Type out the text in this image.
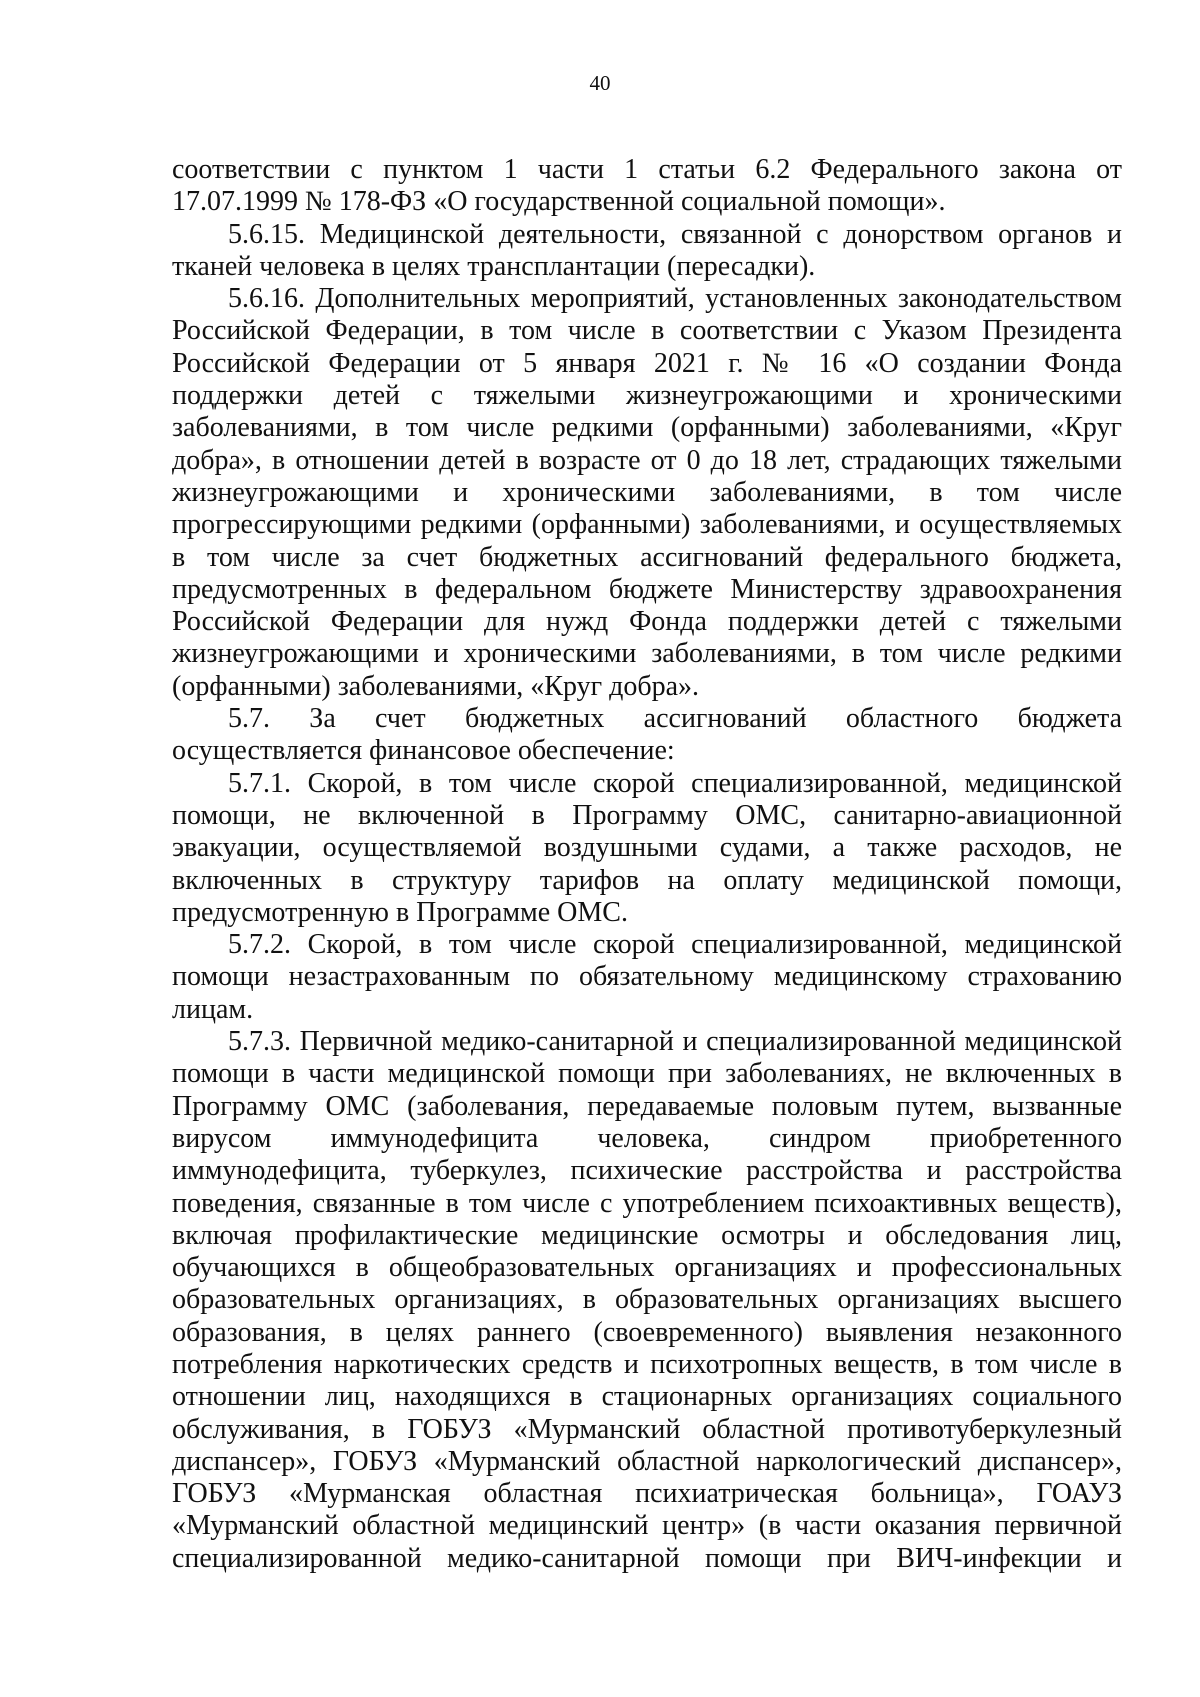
40

соответствии с пунктом 1 части 1 статьи 6.2 Федерального закона от 17.07.1999 № 178-ФЗ «О государственной социальной помощи».

5.6.15. Медицинской деятельности, связанной с донорством органов и тканей человека в целях трансплантации (пересадки).

5.6.16. Дополнительных мероприятий, установленных законодательством Российской Федерации, в том числе в соответствии с Указом Президента Российской Федерации от 5 января 2021 г. № 16 «О создании Фонда поддержки детей с тяжелыми жизнеугрожающими и хроническими заболеваниями, в том числе редкими (орфанными) заболеваниями, «Круг добра», в отношении детей в возрасте от 0 до 18 лет, страдающих тяжелыми жизнеугрожающими и хроническими заболеваниями, в том числе прогрессирующими редкими (орфанными) заболеваниями, и осуществляемых в том числе за счет бюджетных ассигнований федерального бюджета, предусмотренных в федеральном бюджете Министерству здравоохранения Российской Федерации для нужд Фонда поддержки детей с тяжелыми жизнеугрожающими и хроническими заболеваниями, в том числе редкими (орфанными) заболеваниями, «Круг добра».

5.7. За счет бюджетных ассигнований областного бюджета осуществляется финансовое обеспечение:

5.7.1. Скорой, в том числе скорой специализированной, медицинской помощи, не включенной в Программу ОМС, санитарно-авиационной эвакуации, осуществляемой воздушными судами, а также расходов, не включенных в структуру тарифов на оплату медицинской помощи, предусмотренную в Программе ОМС.

5.7.2. Скорой, в том числе скорой специализированной, медицинской помощи незастрахованным по обязательному медицинскому страхованию лицам.

5.7.3. Первичной медико-санитарной и специализированной медицинской помощи в части медицинской помощи при заболеваниях, не включенных в Программу ОМС (заболевания, передаваемые половым путем, вызванные вирусом иммунодефицита человека, синдром приобретенного иммунодефицита, туберкулез, психические расстройства и расстройства поведения, связанные в том числе с употреблением психоактивных веществ), включая профилактические медицинские осмотры и обследования лиц, обучающихся в общеобразовательных организациях и профессиональных образовательных организациях, в образовательных организациях высшего образования, в целях раннего (своевременного) выявления незаконного потребления наркотических средств и психотропных веществ, в том числе в отношении лиц, находящихся в стационарных организациях социального обслуживания, в ГОБУЗ «Мурманский областной противотуберкулезный диспансер», ГОБУЗ «Мурманский областной наркологический диспансер», ГОБУЗ «Мурманская областная психиатрическая больница», ГОАУЗ «Мурманский областной медицинский центр» (в части оказания первичной специализированной медико-санитарной помощи при ВИЧ-инфекции и
